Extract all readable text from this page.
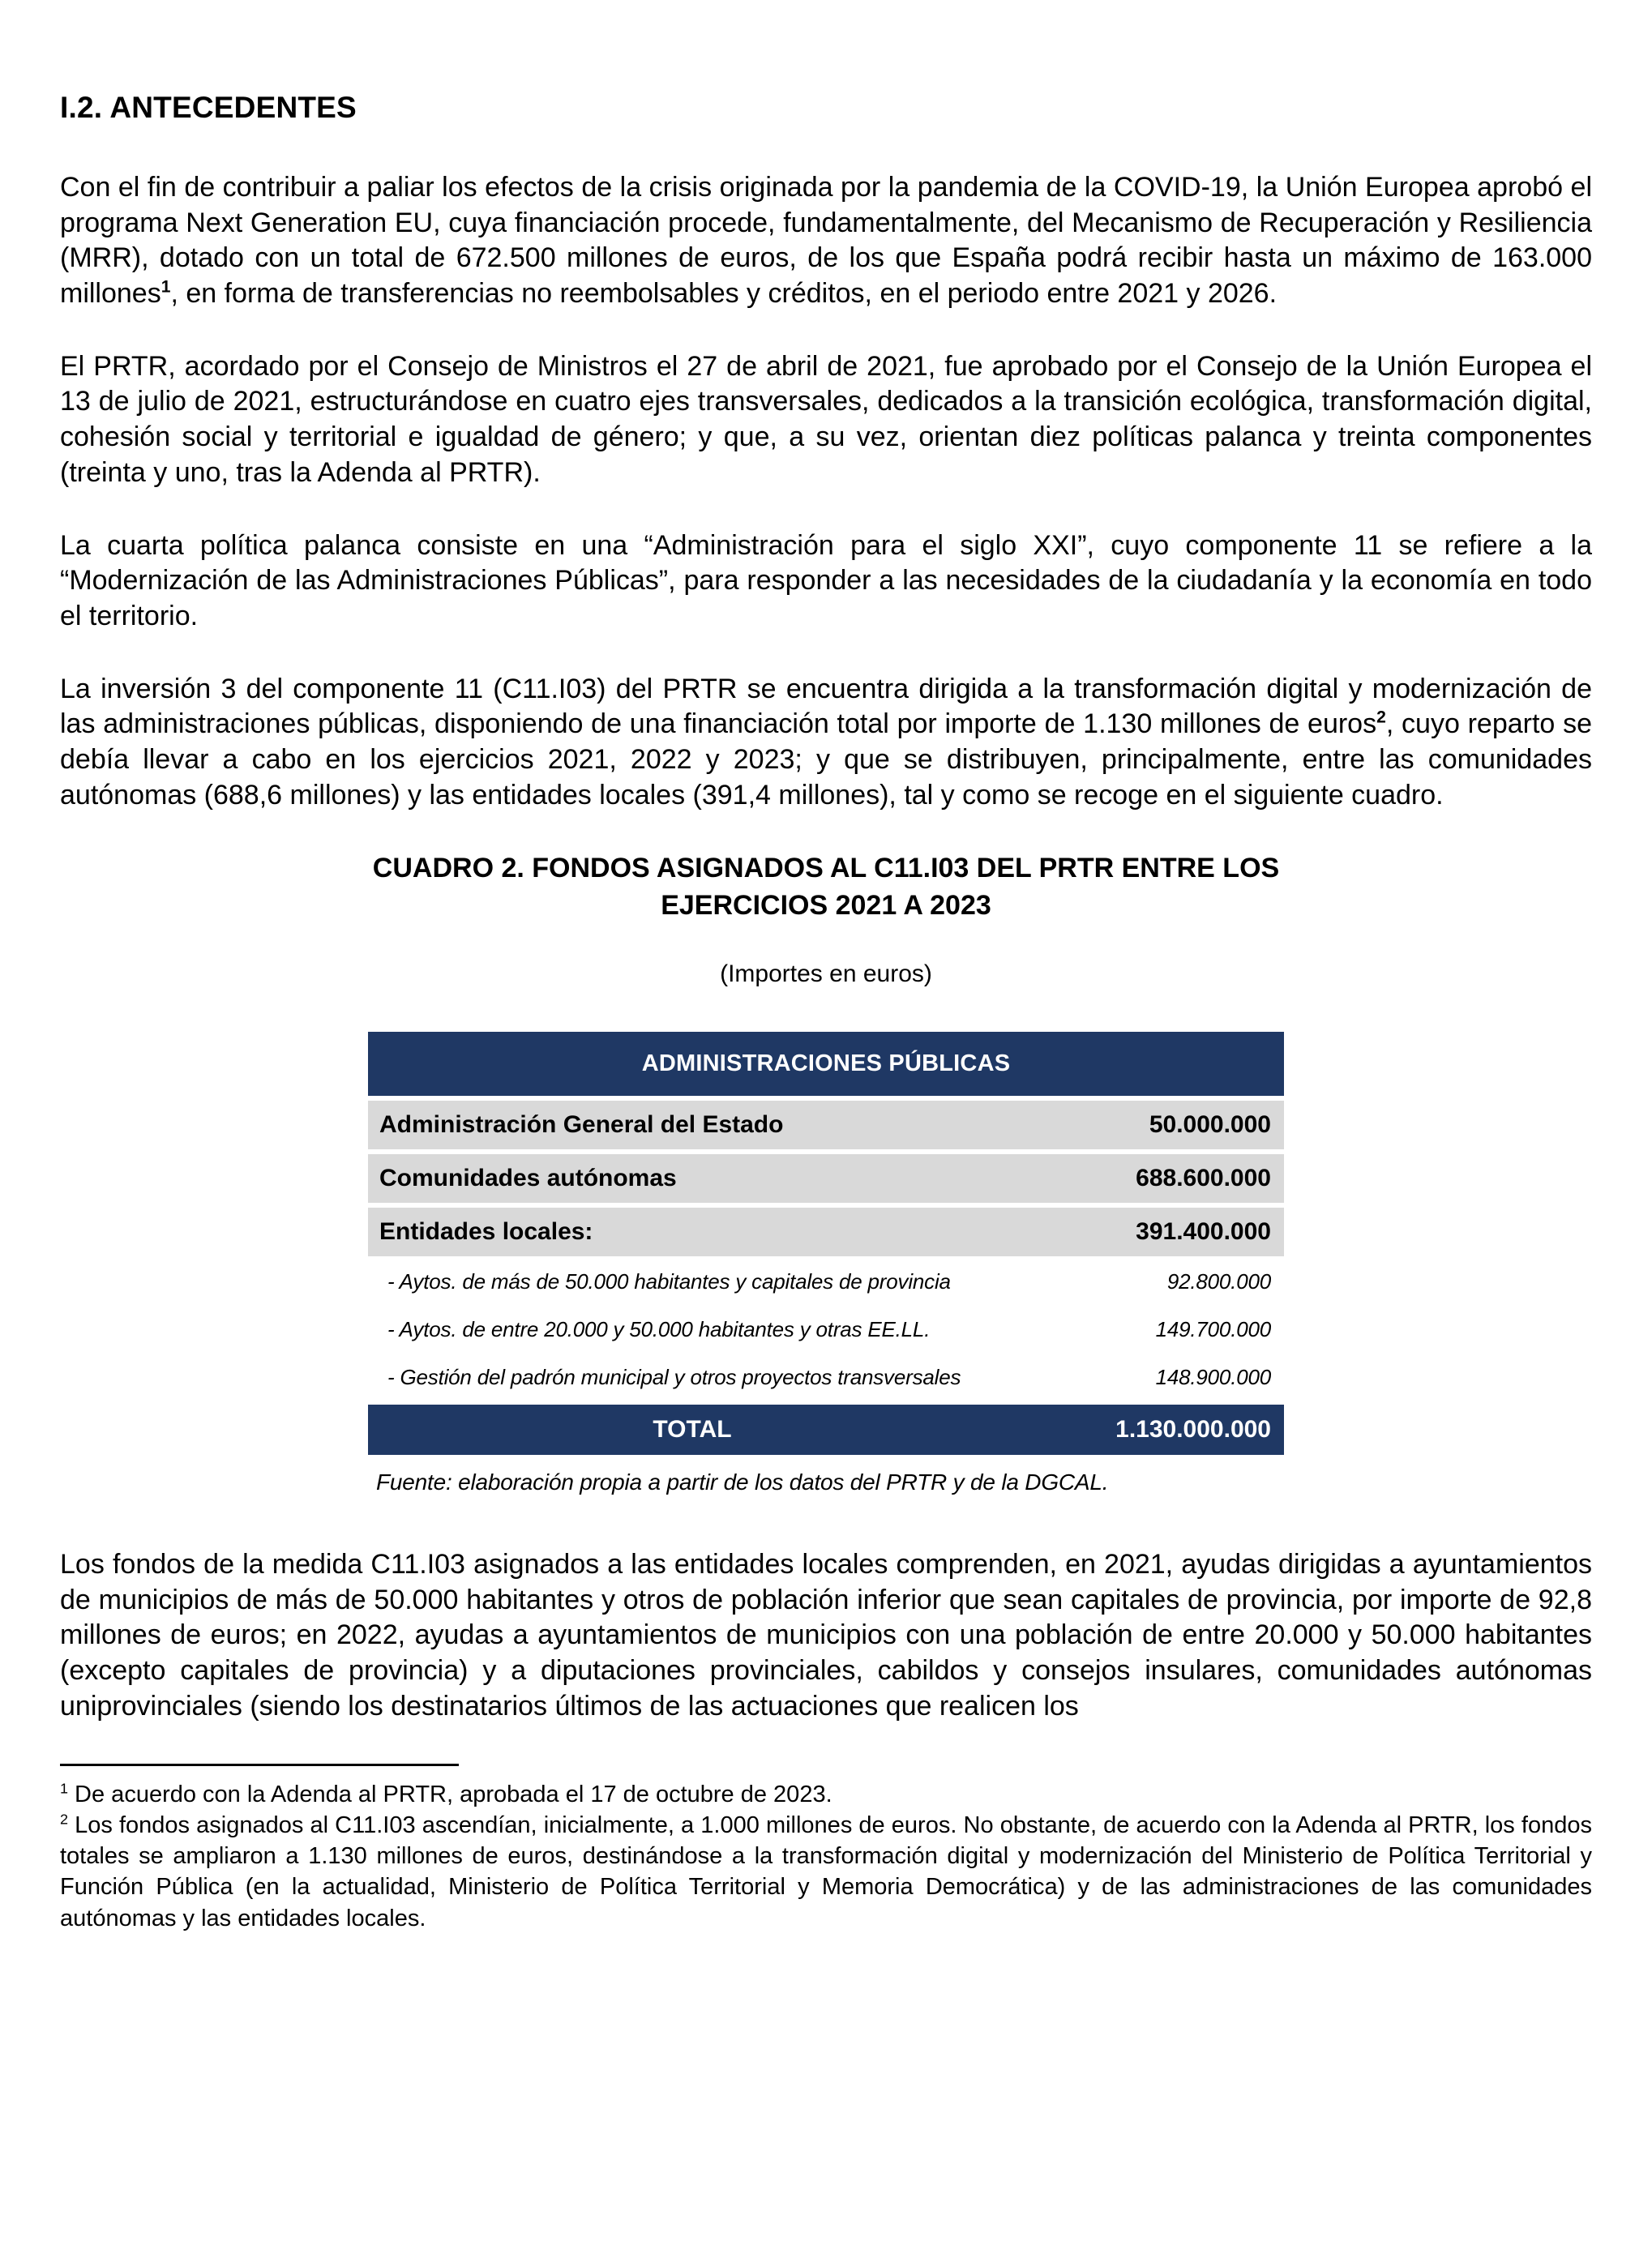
I.2. ANTECEDENTES

Con el fin de contribuir a paliar los efectos de la crisis originada por la pandemia de la COVID-19, la Unión Europea aprobó el programa Next Generation EU, cuya financiación procede, fundamentalmente, del Mecanismo de Recuperación y Resiliencia (MRR), dotado con un total de 672.500 millones de euros, de los que España podrá recibir hasta un máximo de 163.000 millones$^1$, en forma de transferencias no reembolsables y créditos, en el periodo entre 2021 y 2026.

El PRTR, acordado por el Consejo de Ministros el 27 de abril de 2021, fue aprobado por el Consejo de la Unión Europea el 13 de julio de 2021, estructurándose en cuatro ejes transversales, dedicados a la transición ecológica, transformación digital, cohesión social y territorial e igualdad de género; y que, a su vez, orientan diez políticas palanca y treinta componentes (treinta y uno, tras la Adenda al PRTR).

La cuarta política palanca consiste en una “Administración para el siglo XXI”, cuyo componente 11 se refiere a la “Modernización de las Administraciones Públicas”, para responder a las necesidades de la ciudadanía y la economía en todo el territorio.

La inversión 3 del componente 11 (C11.I03) del PRTR se encuentra dirigida a la transformación digital y modernización de las administraciones públicas, disponiendo de una financiación total por importe de 1.130 millones de euros$^2$, cuyo reparto se debía llevar a cabo en los ejercicios 2021, 2022 y 2023; y que se distribuyen, principalmente, entre las comunidades autónomas (688,6 millones) y las entidades locales (391,4 millones), tal y como se recoge en el siguiente cuadro.

CUADRO 2. FONDOS ASIGNADOS AL C11.I03 DEL PRTR ENTRE LOS
EJERCICIOS 2021 A 2023
(Importes en euros)
ADMINISTRACIONES PÚBLICAS
Administración General del Estado	50.000.000
Comunidades autónomas	688.600.000
Entidades locales:	391.400.000
- Aytos. de más de 50.000 habitantes y capitales de provincia	92.800.000
- Aytos. de entre 20.000 y 50.000 habitantes y otras EE.LL.	149.700.000
- Gestión del padrón municipal y otros proyectos transversales	148.900.000
TOTAL	1.130.000.000
Fuente: elaboración propia a partir de los datos del PRTR y de la DGCAL.

Los fondos de la medida C11.I03 asignados a las entidades locales comprenden, en 2021, ayudas dirigidas a ayuntamientos de municipios de más de 50.000 habitantes y otros de población inferior que sean capitales de provincia, por importe de 92,8 millones de euros; en 2022, ayudas a ayuntamientos de municipios con una población de entre 20.000 y 50.000 habitantes (excepto capitales de provincia) y a diputaciones provinciales, cabildos y consejos insulares, comunidades autónomas uniprovinciales (siendo los destinatarios últimos de las actuaciones que realicen los

$^1$ De acuerdo con la Adenda al PRTR, aprobada el 17 de octubre de 2023.

$^2$ Los fondos asignados al C11.I03 ascendían, inicialmente, a 1.000 millones de euros. No obstante, de acuerdo con la Adenda al PRTR, los fondos totales se ampliaron a 1.130 millones de euros, destinándose a la transformación digital y modernización del Ministerio de Política Territorial y Función Pública (en la actualidad, Ministerio de Política Territorial y Memoria Democrática) y de las administraciones de las comunidades autónomas y las entidades locales.
